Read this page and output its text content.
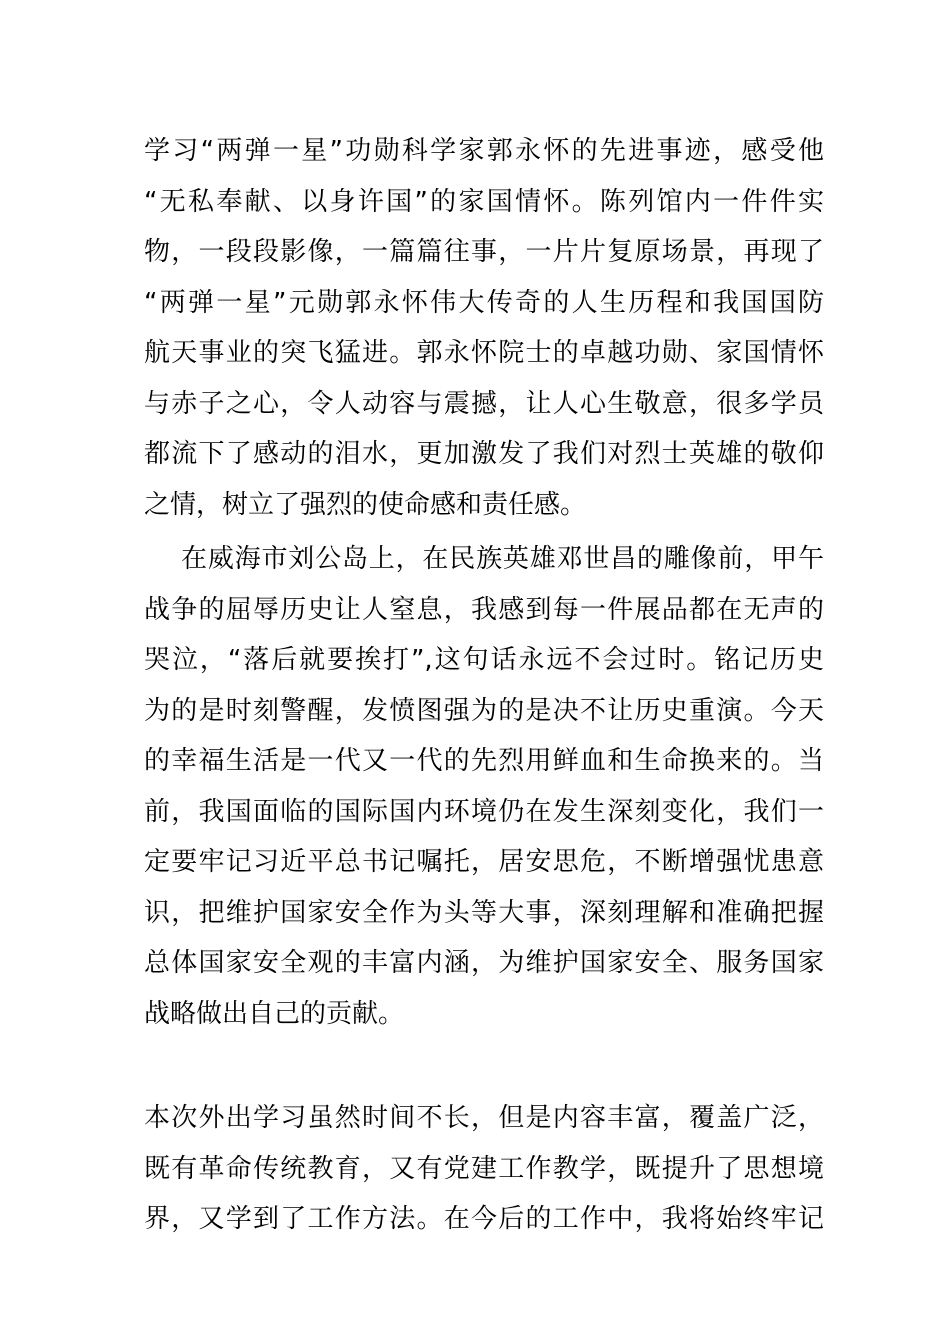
学习“两弹一星”功勋科学家郭永怀的先进事迹，感受他
“无私奉献、以身许国”的家国情怀。陈列馆内一件件实
物，一段段影像，一篇篇往事，一片片复原场景，再现了
“两弹一星”元勋郭永怀伟大传奇的人生历程和我国国防
航天事业的突飞猛进。郭永怀院士的卓越功勋、家国情怀
与赤子之心，令人动容与震撼，让人心生敬意，很多学员
都流下了感动的泪水，更加激发了我们对烈士英雄的敬仰
之情，树立了强烈的使命感和责任感。
在威海市刘公岛上，在民族英雄邓世昌的雕像前，甲午
战争的屈辱历史让人窒息，我感到每一件展品都在无声的
哭泣，“落后就要挨打”,这句话永远不会过时。铭记历史
为的是时刻警醒，发愤图强为的是决不让历史重演。今天
的幸福生活是一代又一代的先烈用鲜血和生命换来的。当
前，我国面临的国际国内环境仍在发生深刻变化，我们一
定要牢记习近平总书记嘱托，居安思危，不断增强忧患意
识，把维护国家安全作为头等大事，深刻理解和准确把握
总体国家安全观的丰富内涵，为维护国家安全、服务国家
战略做出自己的贡献。
本次外出学习虽然时间不长，但是内容丰富，覆盖广泛，
既有革命传统教育，又有党建工作教学，既提升了思想境
界，又学到了工作方法。在今后的工作中，我将始终牢记
